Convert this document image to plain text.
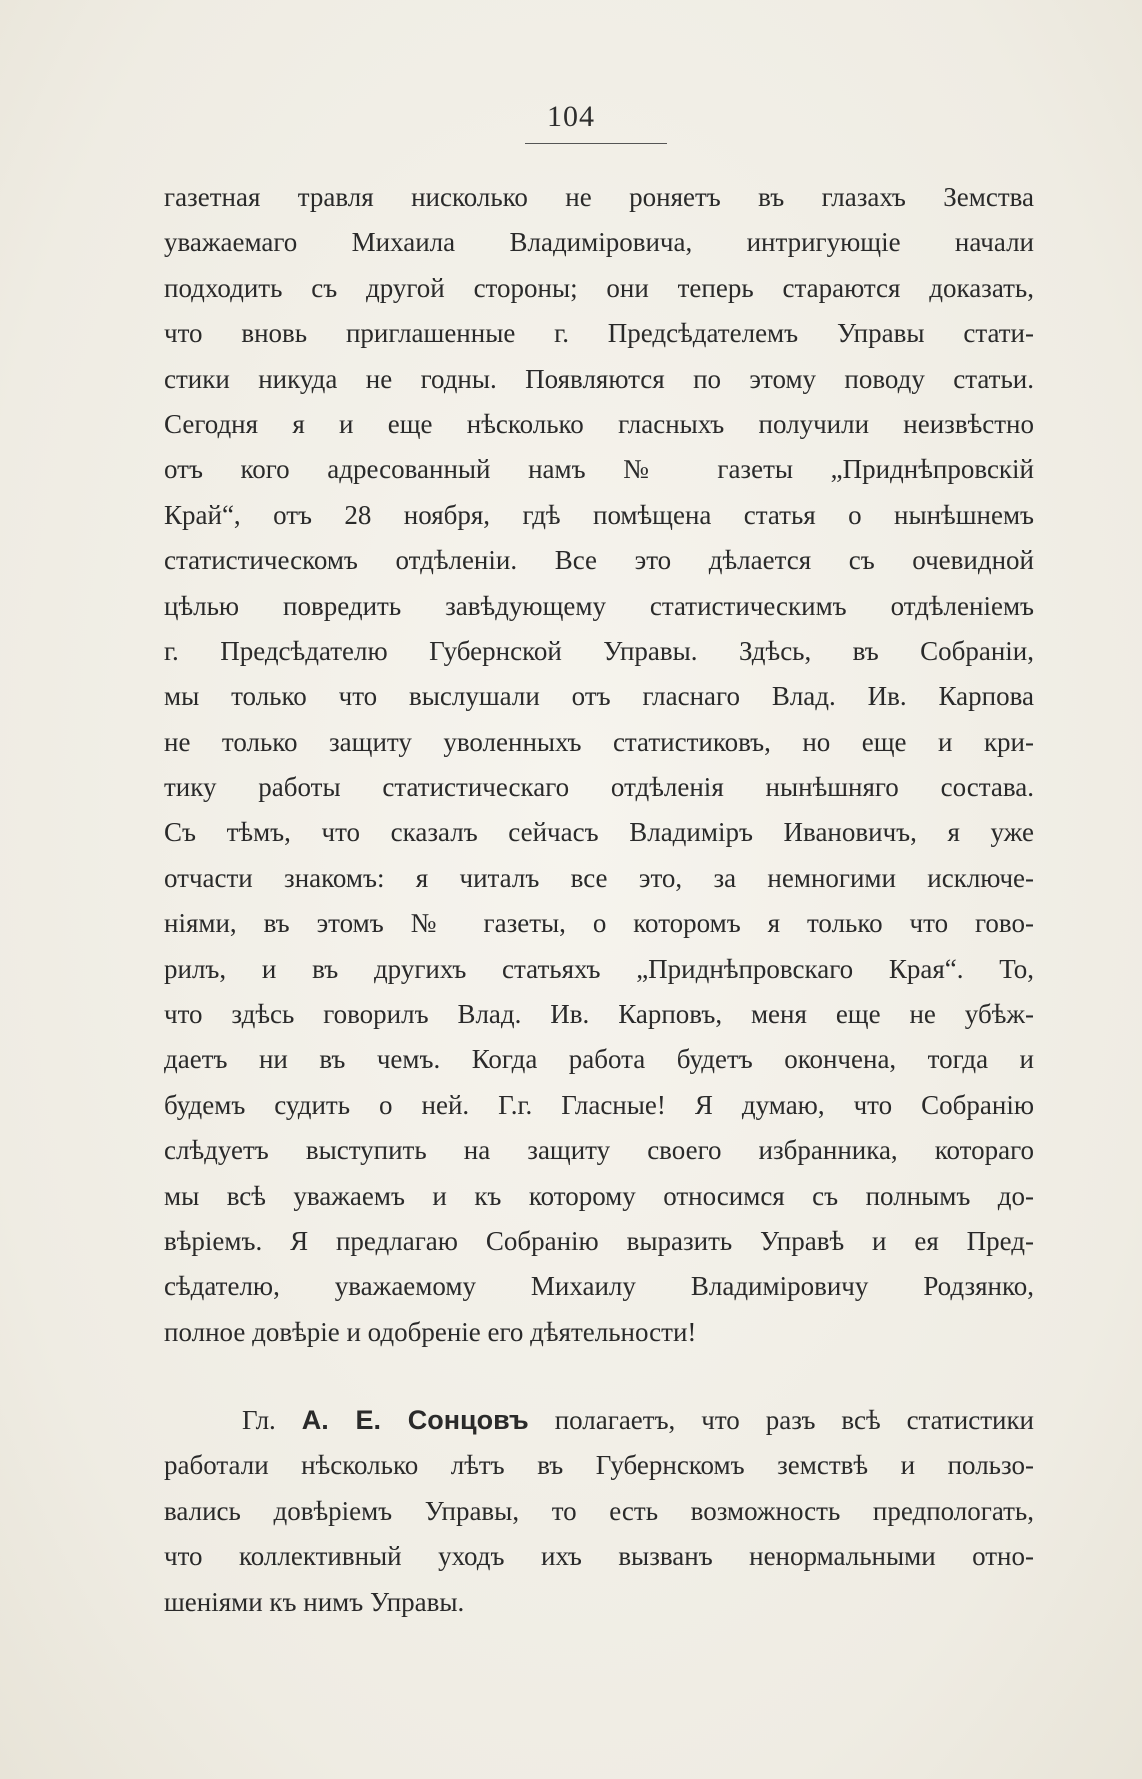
104
газетная травля нисколько не роняетъ въ глазахъ Земства
уважаемаго Михаила Владиміровича, интригующіе начали
подходить съ другой стороны; они теперь стараются доказать,
что вновь приглашенные г. Предсѣдателемъ Управы стати-
стики никуда не годны. Появляются по этому поводу статьи.
Сегодня я и еще нѣсколько гласныхъ получили неизвѣстно
отъ кого адресованный намъ № газеты „Приднѣпровскій
Край“, отъ 28 ноября, гдѣ помѣщена статья о нынѣшнемъ
статистическомъ отдѣленіи. Все это дѣлается съ очевидной
цѣлью повредить завѣдующему статистическимъ отдѣленіемъ
г. Предсѣдателю Губернской Управы. Здѣсь, въ Собраніи,
мы только что выслушали отъ гласнаго Влад. Ив. Карпова
не только защиту уволенныхъ статистиковъ, но еще и кри-
тику работы статистическаго отдѣленія нынѣшняго состава.
Съ тѣмъ, что сказалъ сейчасъ Владиміръ Ивановичъ, я уже
отчасти знакомъ: я читалъ все это, за немногими исключе-
ніями, въ этомъ № газеты, о которомъ я только что гово-
рилъ, и въ другихъ статьяхъ „Приднѣпровскаго Края“. То,
что здѣсь говорилъ Влад. Ив. Карповъ, меня еще не убѣж-
даетъ ни въ чемъ. Когда работа будетъ окончена, тогда и
будемъ судить о ней. Г.г. Гласные! Я думаю, что Собранію
слѣдуетъ выступить на защиту своего избранника, котораго
мы всѣ уважаемъ и къ которому относимся съ полнымъ до-
вѣріемъ. Я предлагаю Собранію выразить Управѣ и ея Пред-
сѣдателю, уважаемому Михаилу Владиміровичу Родзянко,
полное довѣріе и одобреніе его дѣятельности!
Гл. А. Е. Сонцовъ полагаетъ, что разъ всѣ статистики
работали нѣсколько лѣтъ въ Губернскомъ земствѣ и пользо-
вались довѣріемъ Управы, то есть возможность предпологать,
что коллективный уходъ ихъ вызванъ ненормальными отно-
шеніями къ нимъ Управы.
